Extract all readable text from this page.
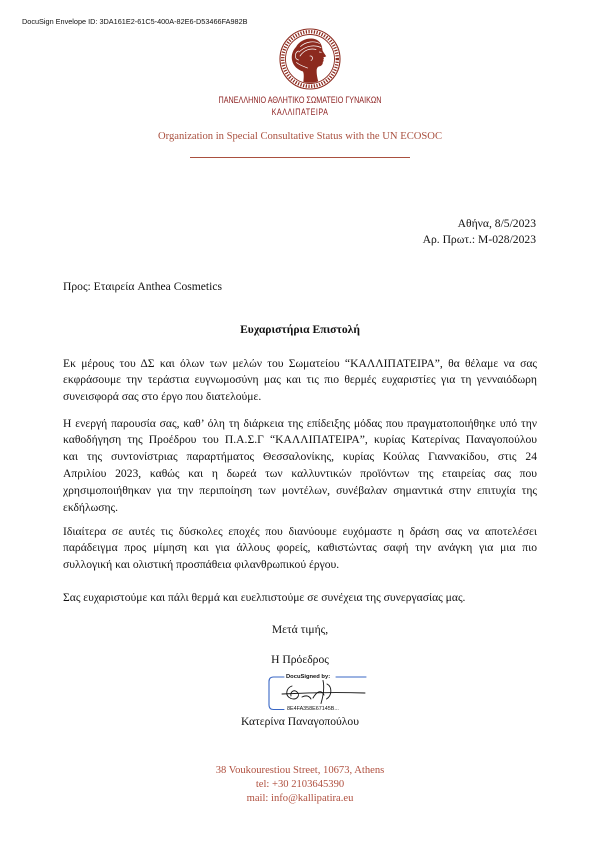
DocuSign Envelope ID: 3DA161E2-61C5-400A-82E6-D53466FA982B
ΠΑΝΕΛΛΗΝΙΟ ΑΘΛΗΤΙΚΟ ΣΩΜΑΤΕΙΟ ΓΥΝΑΙΚΩΝ
ΚΑΛΛΙΠΑΤΕΙΡΑ
Organization in Special Consultative Status with the UN ECOSOC
Αθήνα, 8/5/2023
Αρ. Πρωτ.: Μ-028/2023
Προς: Εταιρεία Anthea Cosmetics
Ευχαριστήρια Επιστολή
Εκ μέρους του ΔΣ και όλων των μελών του Σωματείου “ΚΑΛΛΙΠΑΤΕΙΡΑ”, θα θέλαμε να σας
εκφράσουμε την τεράστια ευγνωμοσύνη μας και τις πιο θερμές ευχαριστίες για τη γενναιόδωρη
συνεισφορά σας στο έργο που διατελούμε.
Η ενεργή παρουσία σας, καθ’ όλη τη διάρκεια της επίδειξης μόδας που πραγματοποιήθηκε υπό την
καθοδήγηση της Προέδρου του Π.Α.Σ.Γ “ΚΑΛΛΙΠΑΤΕΙΡΑ”, κυρίας Κατερίνας Παναγοπούλου
και της συντονίστριας παραρτήματος Θεσσαλονίκης, κυρίας Κούλας Γιαννακίδου, στις 24
Απριλίου 2023, καθώς και η δωρεά των καλλυντικών προϊόντων της εταιρείας σας που
χρησιμοποιήθηκαν για την περιποίηση των μοντέλων, συνέβαλαν σημαντικά στην επιτυχία της
εκδήλωσης.
Ιδιαίτερα σε αυτές τις δύσκολες εποχές που διανύουμε ευχόμαστε η δράση σας να αποτελέσει
παράδειγμα προς μίμηση και για άλλους φορείς, καθιστώντας σαφή την ανάγκη για μια πιο
συλλογική και ολιστική προσπάθεια φιλανθρωπικού έργου.
Σας ευχαριστούμε και πάλι θερμά και ευελπιστούμε σε συνέχεια της συνεργασίας μας.
Μετά τιμής,
Η Πρόεδρος
DocuSigned by:
8E4FA358E67145B...
Κατερίνα Παναγοπούλου
38 Voukourestiou Street, 10673, Athens
tel: +30 2103645390
mail: info@kallipatira.eu
